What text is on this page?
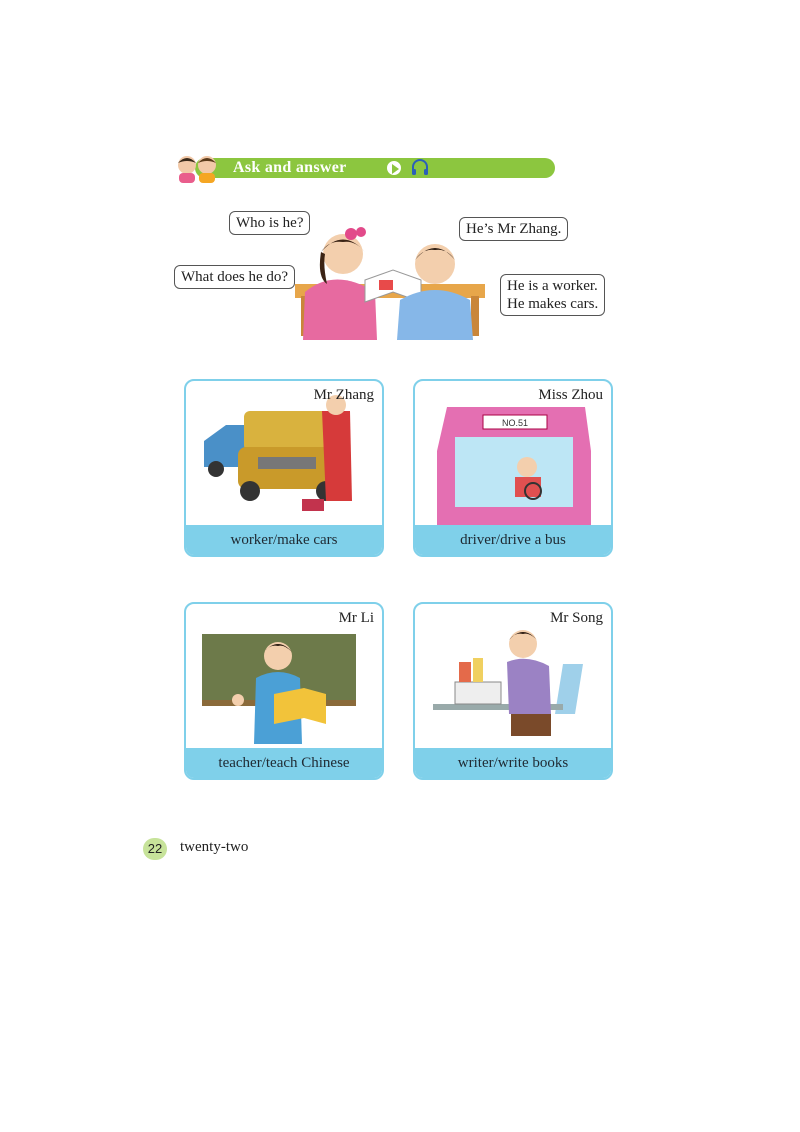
Ask and answer
Who is he?
What does he do?
He’s Mr Zhang.
He is a worker.
He makes cars.
Mr Zhang
worker/make cars
NO.51
Miss Zhou
driver/drive a bus
Mr Li
teacher/teach Chinese
Mr Song
writer/write books
22	twenty-two
